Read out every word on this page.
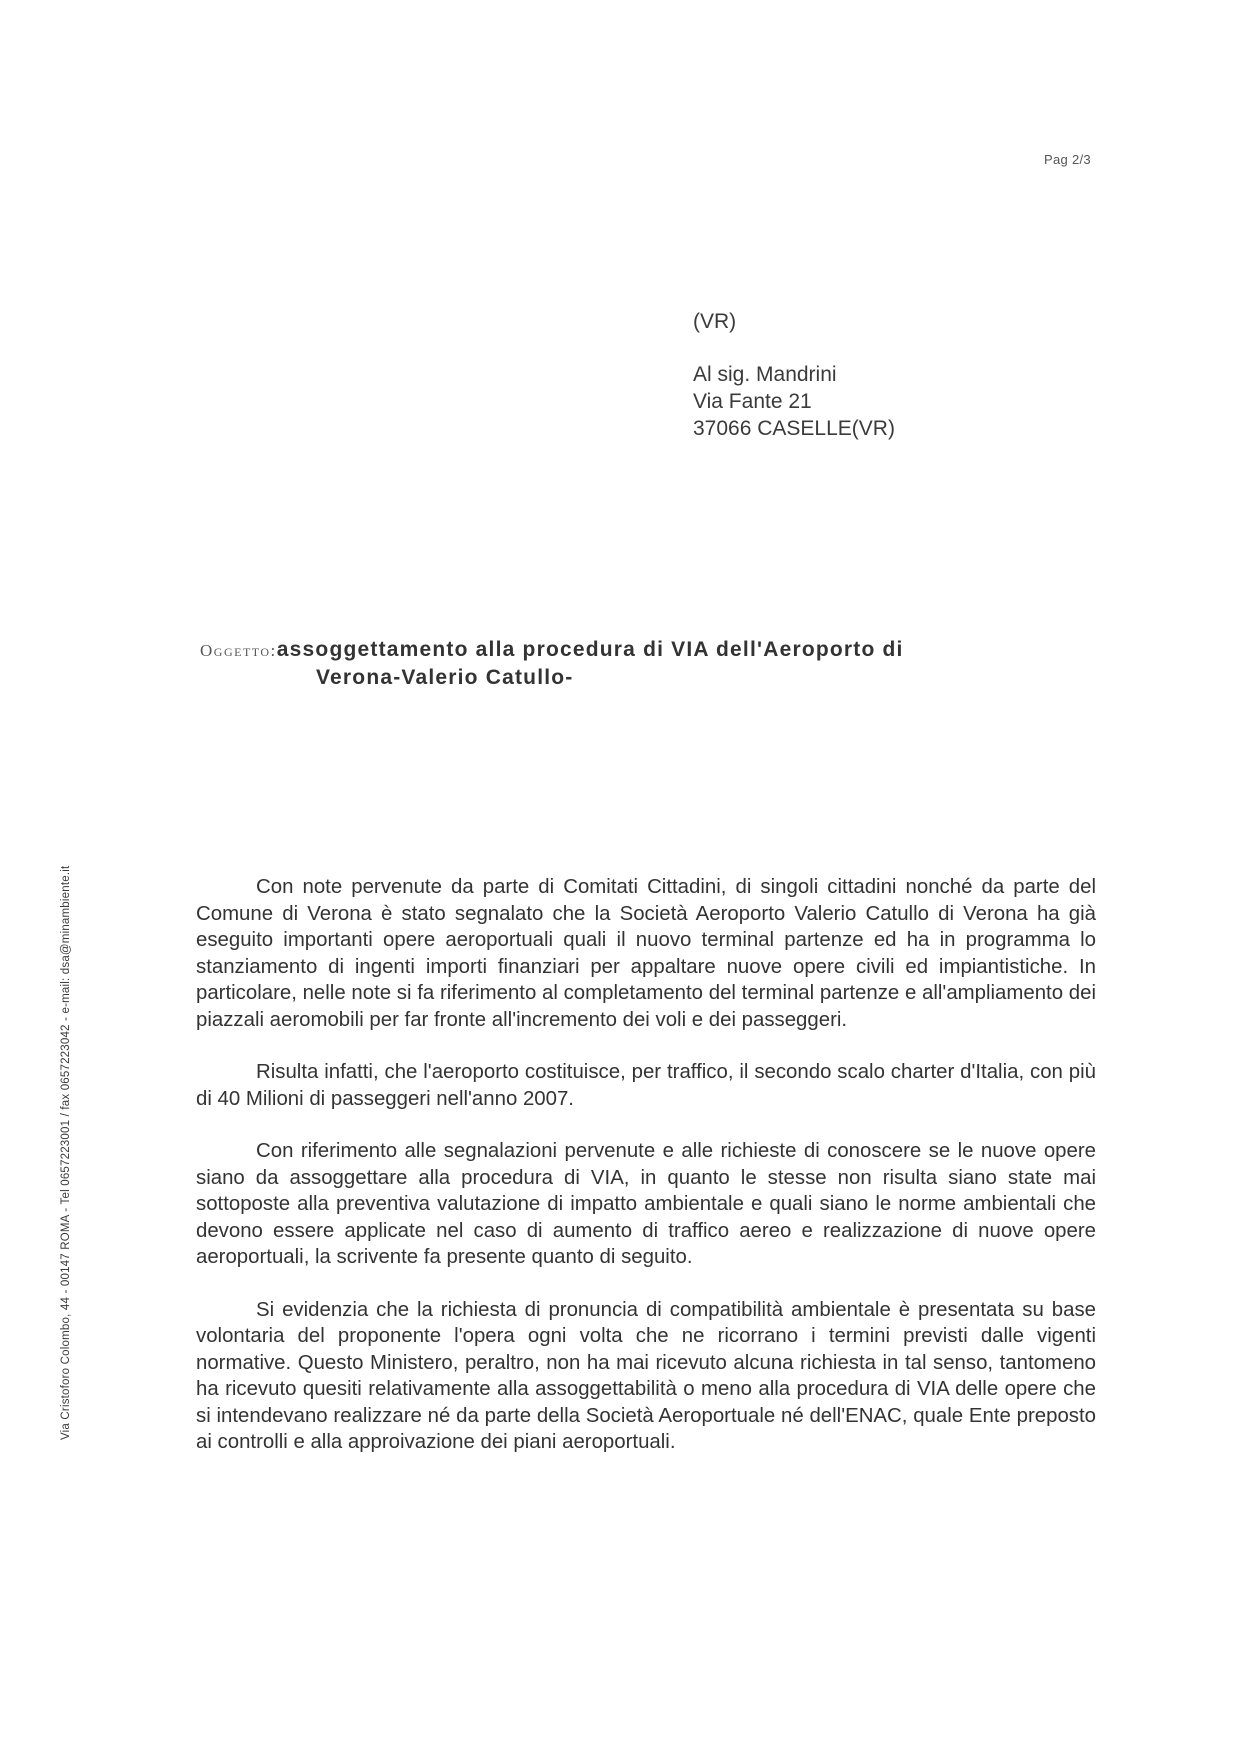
Pag 2/3
Via Cristoforo Colombo, 44 - 00147 ROMA - Tel 0657223001 / fax 0657223042 - e-mail: dsa@minambiente.it
(VR)
Al sig. Mandrini
Via Fante 21
37066 CASELLE(VR)
Oggetto:assoggettamento alla procedura di VIA dell'Aeroporto di
Verona-Valerio Catullo-

Con note pervenute da parte di Comitati Cittadini, di singoli cittadini nonché da parte del Comune di Verona è stato segnalato che la Società Aeroporto Valerio Catullo di Verona ha già eseguito importanti opere aeroportuali quali il nuovo terminal partenze ed ha in programma lo stanziamento di ingenti importi finanziari per appaltare nuove opere civili ed impiantistiche. In particolare, nelle note si fa riferimento al completamento del terminal partenze e all'ampliamento dei piazzali aeromobili per far fronte all'incremento dei voli e dei passeggeri.

Risulta infatti, che l'aeroporto costituisce, per traffico, il secondo scalo charter d'Italia, con più di 40 Milioni di passeggeri nell'anno 2007.

Con riferimento alle segnalazioni pervenute e alle richieste di conoscere se le nuove opere siano da assoggettare alla procedura di VIA, in quanto le stesse non risulta siano state mai sottoposte alla preventiva valutazione di impatto ambientale e quali siano le norme ambientali che devono essere applicate nel caso di aumento di traffico aereo e realizzazione di nuove opere aeroportuali, la scrivente fa presente quanto di seguito.

Si evidenzia che la richiesta di pronuncia di compatibilità ambientale è presentata su base volontaria del proponente l'opera ogni volta che ne ricorrano i termini previsti dalle vigenti normative. Questo Ministero, peraltro, non ha mai ricevuto alcuna richiesta in tal senso, tantomeno ha ricevuto quesiti relativamente alla assoggettabilità o meno alla procedura di VIA delle opere che si intendevano realizzare né da parte della Società Aeroportuale né dell'ENAC, quale Ente preposto ai controlli e alla approivazione dei piani aeroportuali.
